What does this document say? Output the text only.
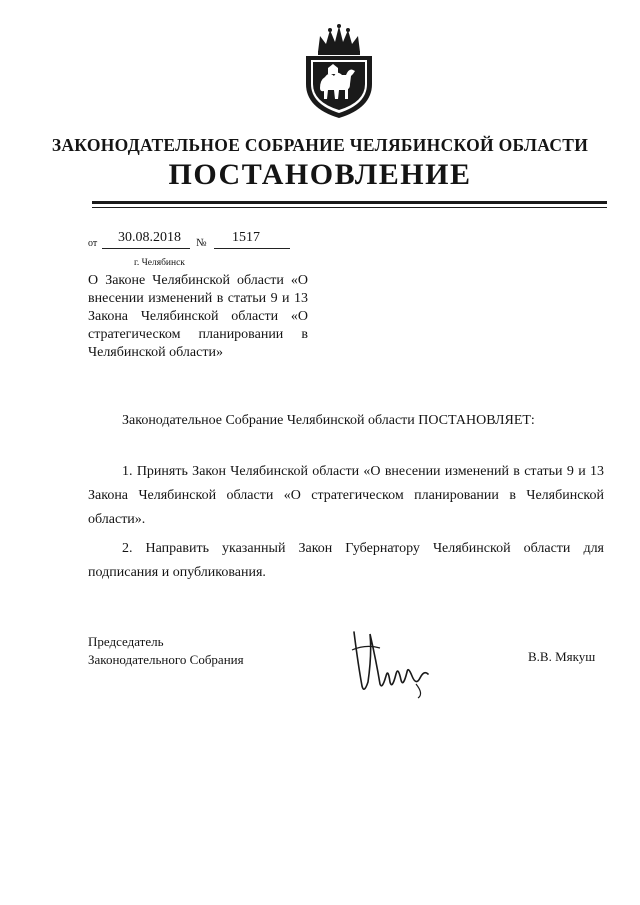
ЗАКОНОДАТЕЛЬНОЕ СОБРАНИЕ ЧЕЛЯБИНСКОЙ ОБЛАСТИ
ПОСТАНОВЛЕНИЕ
от 30.08.2018 № 1517
г. Челябинск
О Законе Челябинской области «О внесении изменений в статьи 9 и 13 Закона Челябинской области «О стратегическом планировании в Челябинской области»
Законодательное Собрание Челябинской области ПОСТАНОВЛЯЕТ:
1. Принять Закон Челябинской области «О внесении изменений в статьи 9 и 13 Закона Челябинской области «О стратегическом планировании в Челябинской области».
2. Направить указанный Закон Губернатору Челябинской области для подписания и опубликования.
Председатель
Законодательного Собрания	В.В. Мякуш
